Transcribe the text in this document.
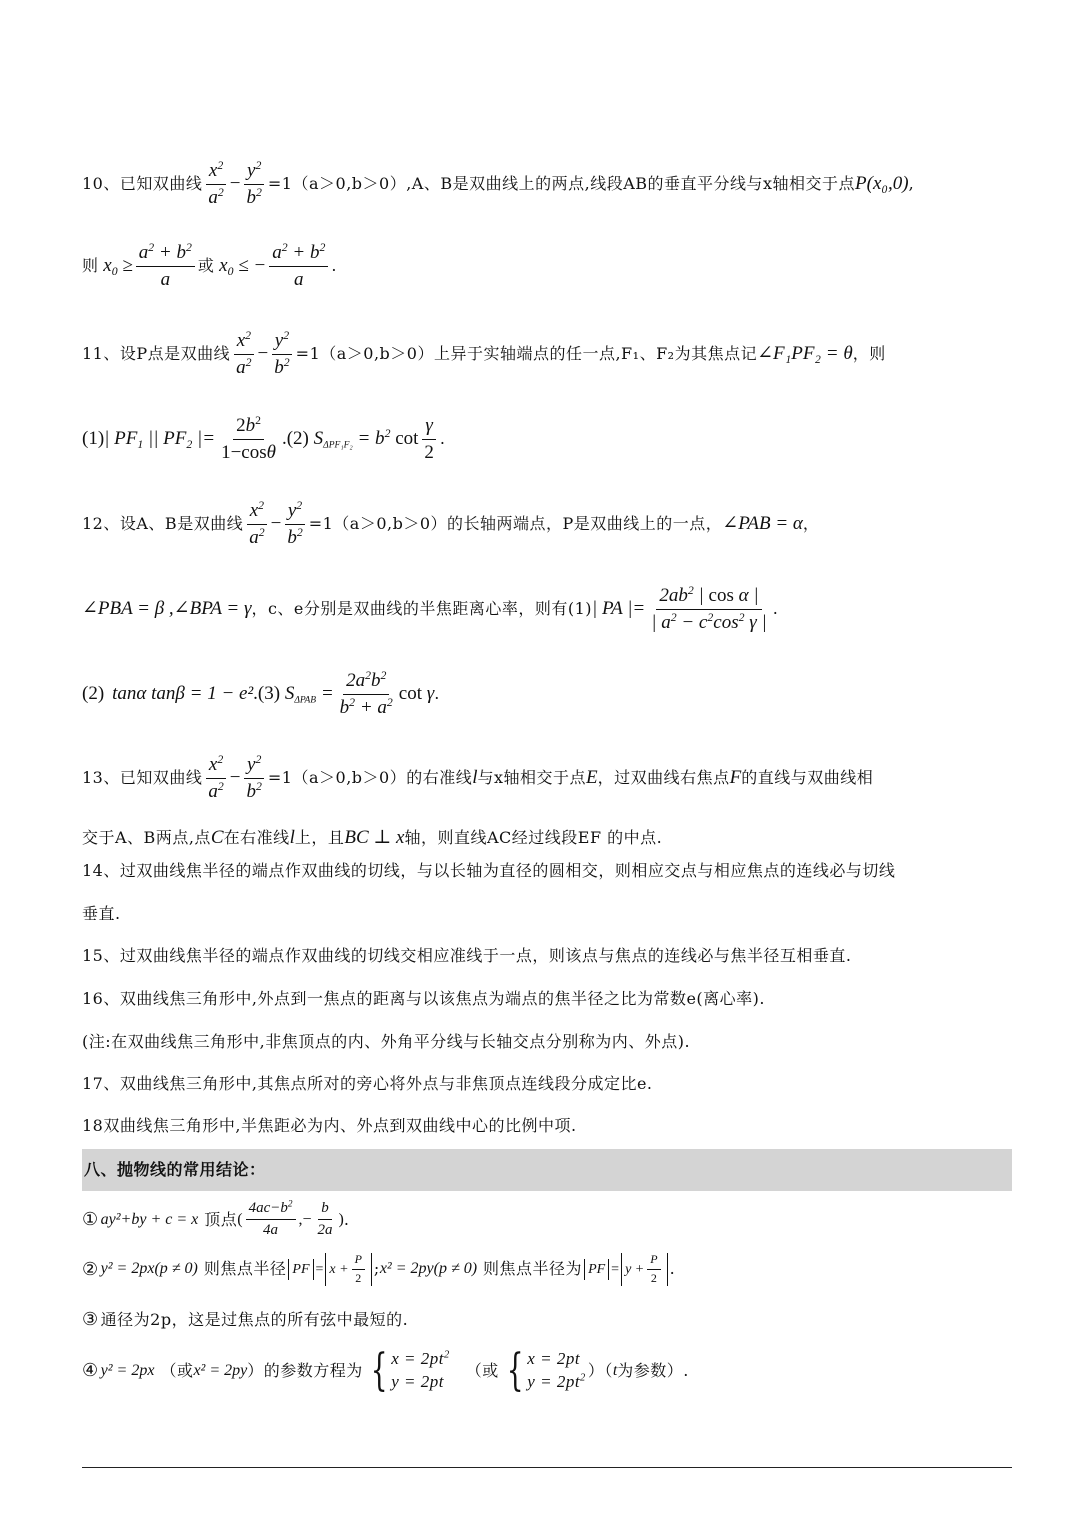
10、 已知双曲线 $\frac{x^2}{a^2} - \frac{y^2}{b^2} =1(a>0,b>0),A$、B是双曲线上的两点,线段AB的垂直平分线与x轴相交于点 P(x₀,0) ,
则 $x_0 \ge \frac{a^2 + b^2}{a}$ 或 $x_0$ ≤ − $\frac{a^2 + b^2}{a}$ .
11、 设P点是双曲线 $\frac{x^2}{a^2} - \frac{y^2}{b^2} =1(a>0,b>0)$上异于实轴端点的任一点,F₁、F₂为其焦点记 ∠F₁PF₂ = θ ，则
(1) | $PF_1$ || $PF_2$ |= $\frac{2b^2}{1-\cos\theta} .(2) S_{\Delta PF_1F_2} = b^2$ $\cot \frac{\gamma}{2}$ .
12、 设A、B是双曲线 $\frac{x^2}{a^2} - \frac{y^2}{b^2} =1(a>0,b>0)$的长轴两端点，P是双曲线上的一点， ∠PAB = α ，
∠PBA = β ,∠BPA = γ ，c、e分别是双曲线的半焦距离心率，则有(1) | PA |= $\frac{2ab^2 | \cos \alpha |}{| a^2 - c^2\cos^2 \gamma |}$ .
(2) tanα tanβ = 1 − e² .(3) $S_{\Delta PAB} = \frac{2a^2b^2}{b^2 + a^2}$ cot γ .
13、 已知双曲线 $\frac{x^2}{a^2} - \frac{y^2}{b^2} =1(a>0,b>0)$的右准线 l 与x轴相交于点 E ，过双曲线右焦点 F 的直线与双曲线相
交于A、B两点,点 C 在右准线 l 上，且 BC ⊥ x 轴，则直线AC经过线段EF 的中点.
14、过双曲线焦半径的端点作双曲线的切线，与以长轴为直径的圆相交，则相应交点与相应焦点的连线必与切线
垂直.
15、过双曲线焦半径的端点作双曲线的切线交相应准线于一点，则该点与焦点的连线必与焦半径互相垂直.
16、双曲线焦三角形中,外点到一焦点的距离与以该焦点为端点的焦半径之比为常数e(离心率).
(注:在双曲线焦三角形中,非焦顶点的内、外角平分线与长轴交点分别称为内、外点).
17、双曲线焦三角形中,其焦点所对的旁心将外点与非焦顶点连线段分成定比e.
18双曲线焦三角形中,半焦距必为内、外点到双曲线中心的比例中项.
八、抛物线的常用结论：
① ay²+by + c = x 顶点 ( $\frac{4ac-b^2}{4a}$ , − $\frac{b}{2a}$ ) .
② y² = 2px(p ≠ 0) 则焦点半径 PF = $x + \frac{P}{2}$ ; x² = 2py(p ≠ 0) 则焦点半径为 PF = $y + \frac{P}{2}$ .
③ 通径为2p，这是过焦点的所有弦中最短的.
④ y² = 2px （或 x² = 2py ）的参数方程为 { $x = 2pt^2$
y = 2pt
（或 { x = 2pt
$y = 2pt^2$ ）（ t 为参数）.
